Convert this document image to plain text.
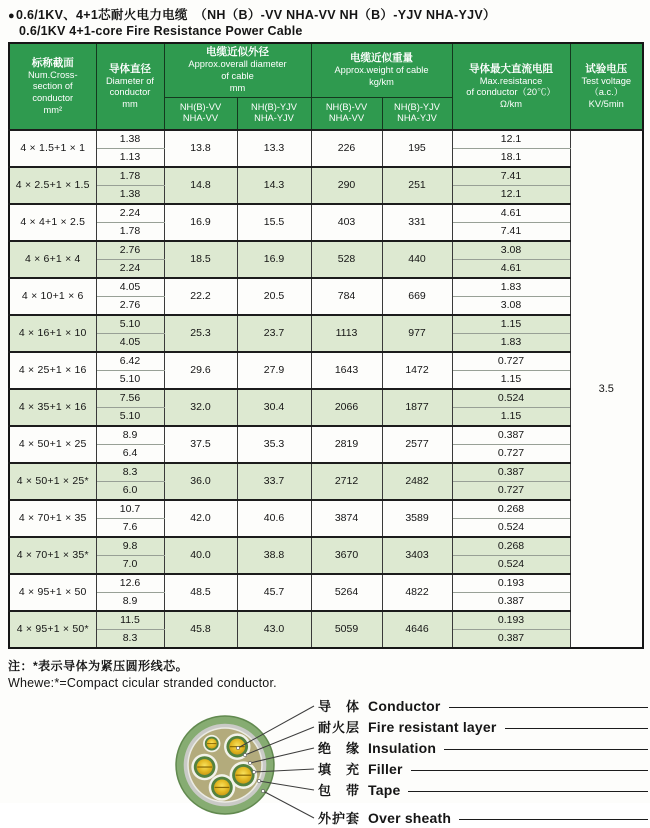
●0.6/1KV、4+1芯耐火电力电缆　（NH（B）-VV NHA-VV NH（B）-YJV NHA-YJV）
0.6/1KV 4+1-core Fire Resistance Power Cable
标称截面
Num.Cross-
section of
conductor
mm²

导体直径
Diameter of
conductor
mm

电缆近似外径
Approx.overall diameter
of cable
mm

电缆近似重量
Approx.weight of cable
kg/km

导体最大直流电阻
Max.resistance
of conductor（20℃）
Ω/km

试验电压
Test voltage
（a.c.）
KV/5min

		NH(B)-VV
NHA-VV	NH(B)-YJV
NHA-YJV	NH(B)-VV
NHA-VV	NH(B)-YJV
NHA-YJV		

4 × 1.5+1 × 1	1.38	13.8	13.3	226	195	12.1	3.5
	1.13					18.1	
4 × 2.5+1 × 1.5	1.78	14.8	14.3	290	251	7.41	
	1.38					12.1	
4 × 4+1 × 2.5	2.24	16.9	15.5	403	331	4.61	
	1.78					7.41	
4 × 6+1 × 4	2.76	18.5	16.9	528	440	3.08	
	2.24					4.61	
4 × 10+1 × 6	4.05	22.2	20.5	784	669	1.83	
	2.76					3.08	
4 × 16+1 × 10	5.10	25.3	23.7	1113	977	1.15	
	4.05					1.83	
4 × 25+1 × 16	6.42	29.6	27.9	1643	1472	0.727	
	5.10					1.15	
4 × 35+1 × 16	7.56	32.0	30.4	2066	1877	0.524	
	5.10					1.15	
4 × 50+1 × 25	8.9	37.5	35.3	2819	2577	0.387	
	6.4					0.727	
4 × 50+1 × 25*	8.3	36.0	33.7	2712	2482	0.387	
	6.0					0.727	
4 × 70+1 × 35	10.7	42.0	40.6	3874	3589	0.268	
	7.6					0.524	
4 × 70+1 × 35*	9.8	40.0	38.8	3670	3403	0.268	
	7.0					0.524	
4 × 95+1 × 50	12.6	48.5	45.7	5264	4822	0.193	
	8.9					0.387	
4 × 95+1 × 50*	11.5	45.8	43.0	5059	4646	0.193	
	8.3					0.387	
注：*表示导体为紧压圆形线芯。
Whewe:*=Compact cicular stranded conductor.
导　体 Conductor
耐火层 Fire resistant layer
绝　缘 Insulation
填　充 Filler
包　带 Tape
外护套 Over sheath
